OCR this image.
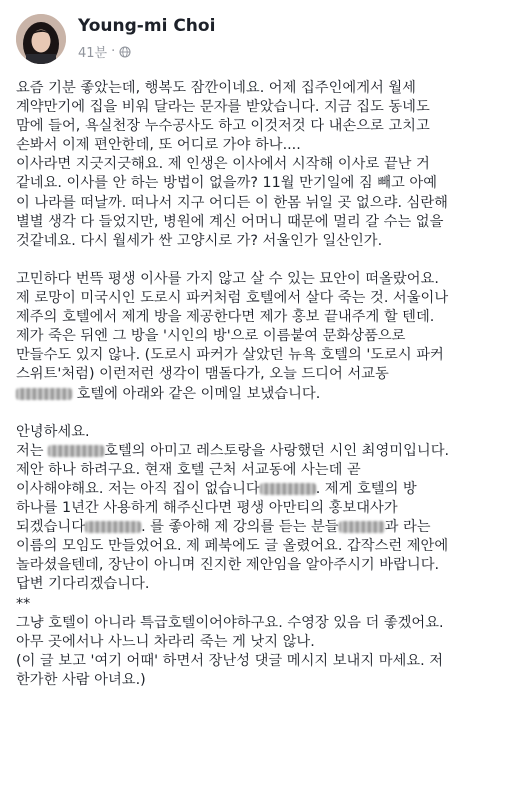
Young-mi Choi
41분 ·

요즘 기분 좋았는데, 행복도 잠깐이네요. 어제 집주인에게서 월세
계약만기에 집을 비워 달라는 문자를 받았습니다. 지금 집도 동네도
맘에 들어, 욕실천장 누수공사도 하고 이것저것 다 내손으로 고치고
손봐서 이제 편안한데, 또 어디로 가야 하나....
이사라면 지긋지긋해요. 제 인생은 이사에서 시작해 이사로 끝난 거
같네요. 이사를 안 하는 방법이 없을까? 11월 만기일에 짐 빼고 아예
이 나라를 떠날까. 떠나서 지구 어디든 이 한몸 뉘일 곳 없으랴. 심란해
별별 생각 다 들었지만, 병원에 계신 어머니 때문에 멀리 갈 수는 없을
것같네요. 다시 월세가 싼 고양시로 가? 서울인가 일산인가.

고민하다 번뜩 평생 이사를 가지 않고 살 수 있는 묘안이 떠올랐어요.
제 로망이 미국시인 도로시 파커처럼 호텔에서 살다 죽는 것. 서울이나
제주의 호텔에서 제게 방을 제공한다면 제가 홍보 끝내주게 할 텐데.
제가 죽은 뒤엔 그 방을 '시인의 방'으로 이름붙여 문화상품으로
만들수도 있지 않나. (도로시 파커가 살았던 뉴욕 호텔의 '도로시 파커
스위트'처럼) 이런저런 생각이 맴돌다가, 오늘 드디어 서교동
호텔에 아래와 같은 이메일 보냈습니다.

안녕하세요.
저는	호텔의 아미고 레스토랑을 사랑했던 시인 최영미입니다.
제안 하나 하려구요. 현재 호텔 근처 서교동에 사는데 곧
이사해야해요. 저는 아직 집이 없습니다	. 제게 호텔의 방
하나를 1년간 사용하게 해주신다면 평생 아만티의 홍보대사가
되겠습니다	. 를 좋아해 제 강의를 듣는 분들	과 라는
이름의 모임도 만들었어요. 제 페북에도 글 올렸어요. 갑작스런 제안에
놀라셨을텐데, 장난이 아니며 진지한 제안임을 알아주시기 바랍니다.
답변 기다리겠습니다.
**
그냥 호텔이 아니라 특급호텔이어야하구요. 수영장 있음 더 좋겠어요.
아무 곳에서나 사느니 차라리 죽는 게 낫지 않나.
(이 글 보고 '여기 어때' 하면서 장난성 댓글 메시지 보내지 마세요. 저
한가한 사람 아녀요.)
